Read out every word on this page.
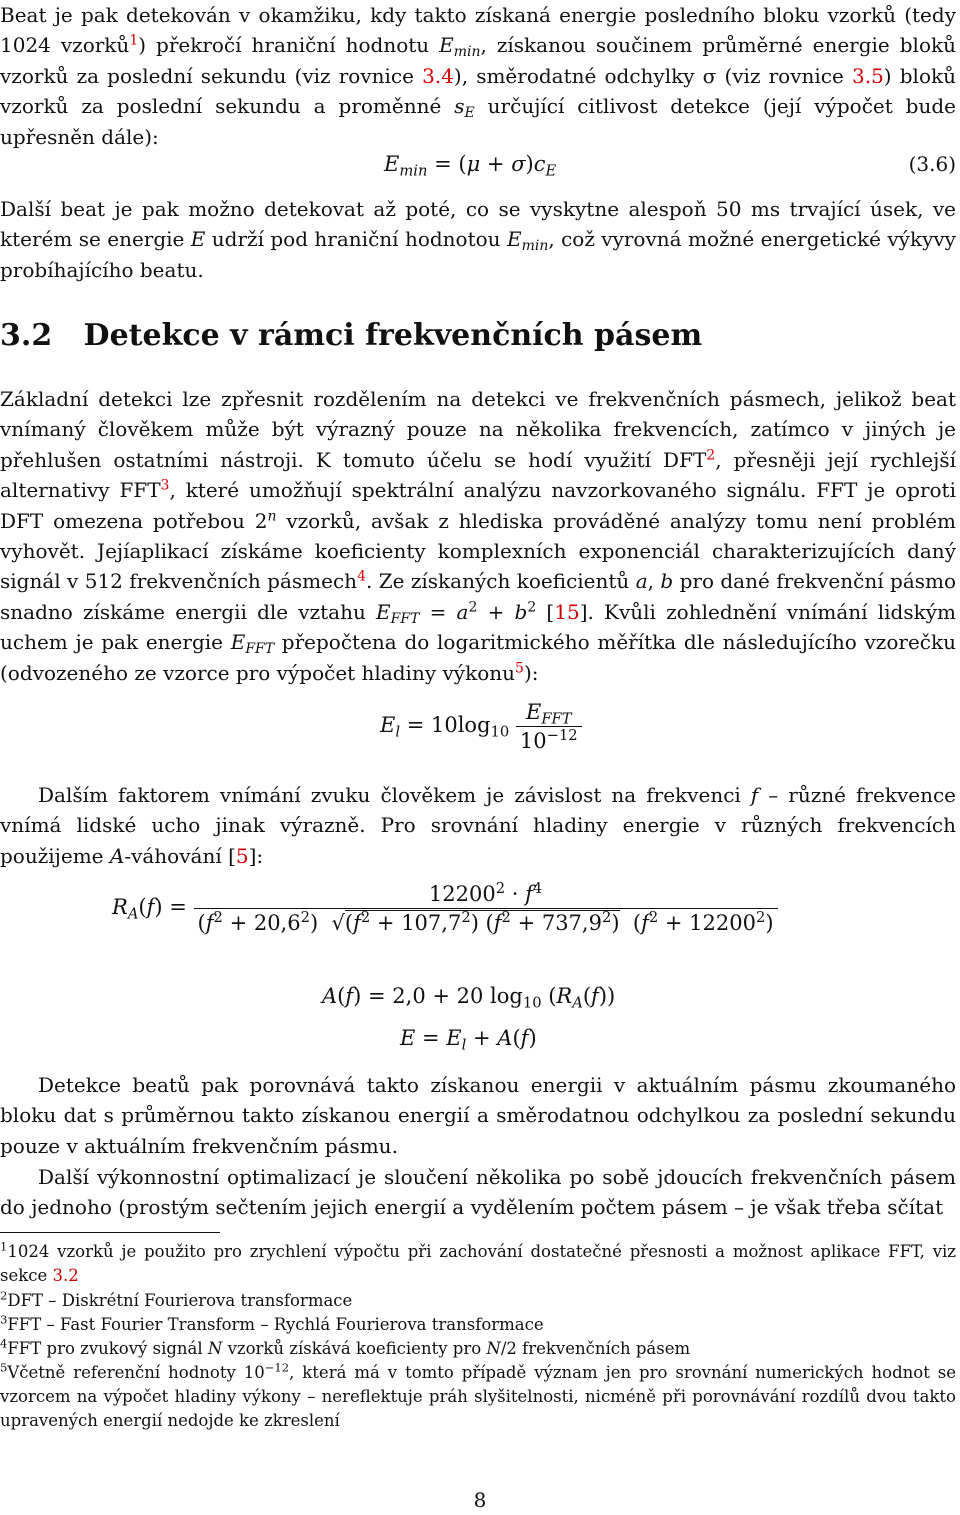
Beat je pak detekován v okamžiku, kdy takto získaná energie posledního bloku vzorků (tedy 1024 vzorků$^1$) překročí hraniční hodnotu $E_{min}$, získanou součinem průměrné energie bloků vzorků za poslední sekundu (viz rovnice 3.4), směrodatné odchylky σ (viz rovnice 3.5) bloků vzorků za poslední sekundu a proměnné $s_E$ určující citlivost detekce (její výpočet bude upřesněn dále):

$E_{min} = (\mu + \sigma)c_E$	(3.6)

Další beat je pak možno detekovat až poté, co se vyskytne alespoň 50 ms trvající úsek, ve kterém se energie E udrží pod hraniční hodnotou $E_{min}$, což vyrovná možné energetické výkyvy probíhajícího beatu.

3.2 Detekce v rámci frekvenčních pásem

Základní detekci lze zpřesnit rozdělením na detekci ve frekvenčních pásmech, jelikož beat vnímaný člověkem může být výrazný pouze na několika frekvencích, zatímco v jiných je přehlušen ostatními nástroji. K tomuto účelu se hodí využití DFT$^2$, přesněji její rychlejší alternativy FFT$^3$, které umožňují spektrální analýzu navzorkovaného signálu. FFT je oproti DFT omezena potřebou 2$^n$ vzorků, avšak z hlediska prováděné analýzy tomu není problém vyhovět. Jejíaplikací získáme koeficienty komplexních exponenciál charakterizujících daný signál v 512 frekvenčních pásmech$^4$. Ze získaných koeficientů a, b pro dané frekvenční pásmo snadno získáme energii dle vztahu $E_{FFT} = a^2 + b^2$ [15]. Kvůli zohlednění vnímání lidským uchem je pak energie $E_{FFT}$ přepočtena do logaritmického měřítka dle následujícího vzorečku (odvozeného ze vzorce pro výpočet hladiny výkonu$^5$):

$E_l = 10\log_{10} \frac{E_{FFT}}{10^{-12}}$

Dalším faktorem vnímání zvuku člověkem je závislost na frekvenci f – různé frekvence vnímá lidské ucho jinak výrazně. Pro srovnání hladiny energie v různých frekvencích použijeme A-váhování [5]:

$R_A(f) = \frac{12200^2 \cdot f^4}{(f^2 + 20,6^2) √(f^2 + 107,7^2) (f^2 + 737,9^2) (f^2 + 12200^2)}$
A(f) = 2,0 + 20 $\log_{10} (R_A(f))$
$E = E_l + A(f)$

Detekce beatů pak porovnává takto získanou energii v aktuálním pásmu zkoumaného bloku dat s průměrnou takto získanou energií a směrodatnou odchylkou za poslední sekundu pouze v aktuálním frekvenčním pásmu.

Další výkonnostní optimalizací je sloučení několika po sobě jdoucích frekvenčních pásem do jednoho (prostým sečtením jejich energií a vydělením počtem pásem – je však třeba sčítat

$^1$1024 vzorků je použito pro zrychlení výpočtu při zachování dostatečné přesnosti a možnost aplikace FFT, viz sekce 3.2

$^2$DFT – Diskrétní Fourierova transformace

$^3$FFT – Fast Fourier Transform – Rychlá Fourierova transformace

$^4$FFT pro zvukový signál N vzorků získává koeficienty pro N/2 frekvenčních pásem

$^5$Včetně referenční hodnoty $10^{-12}$, která má v tomto případě význam jen pro srovnání numerických hodnot se vzorcem na výpočet hladiny výkony – nereflektuje práh slyšitelnosti, nicméně při porovnávání rozdílů dvou takto upravených energií nedojde ke zkreslení

8
